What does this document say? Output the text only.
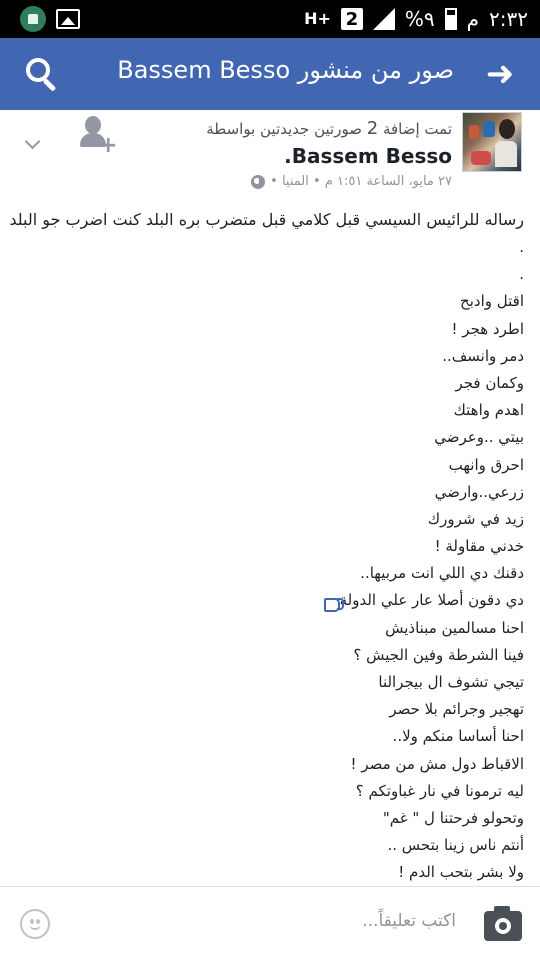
H+ 2 %٩ م ٢:٣٢
صور من منشور Bassem Besso ➜
+
تمت إضافة 2 صورتين جديدتين بواسطة
Bassem Besso.
٢٧ مايو، الساعة ١:٥١ م • المنيا •
رساله للرائيس السيسي قبل كلامي قبل متضرب بره البلد كنت اضرب جو البلد
.
.
اقتل وادبح
اطرد هجر !
دمر وانسف..
وكمان فجر
اهدم واهتك
بيتي ..وعرضي
احرق وانهب
زرعي..وارضي
زيد في شرورك
خدني مقاولة !
دقنك دي اللي انت مربيها..
دي دقون أصلا عار علي الدولة
احنا مسالمين مبناذيش
فينا الشرطة وفين الجيش ؟
تيجي تشوف ال بيجرالنا
تهجير وجرائم بلا حصر
احنا أساسا منكم ولا..
الاقباط دول مش من مصر !
ليه ترمونا في نار غباوتكم ؟
وتحولو فرحتنا ل " غم"
أنتم ناس زينا بتحس ..
ولا بشر بتحب الدم !
اكتب تعليقاً...
